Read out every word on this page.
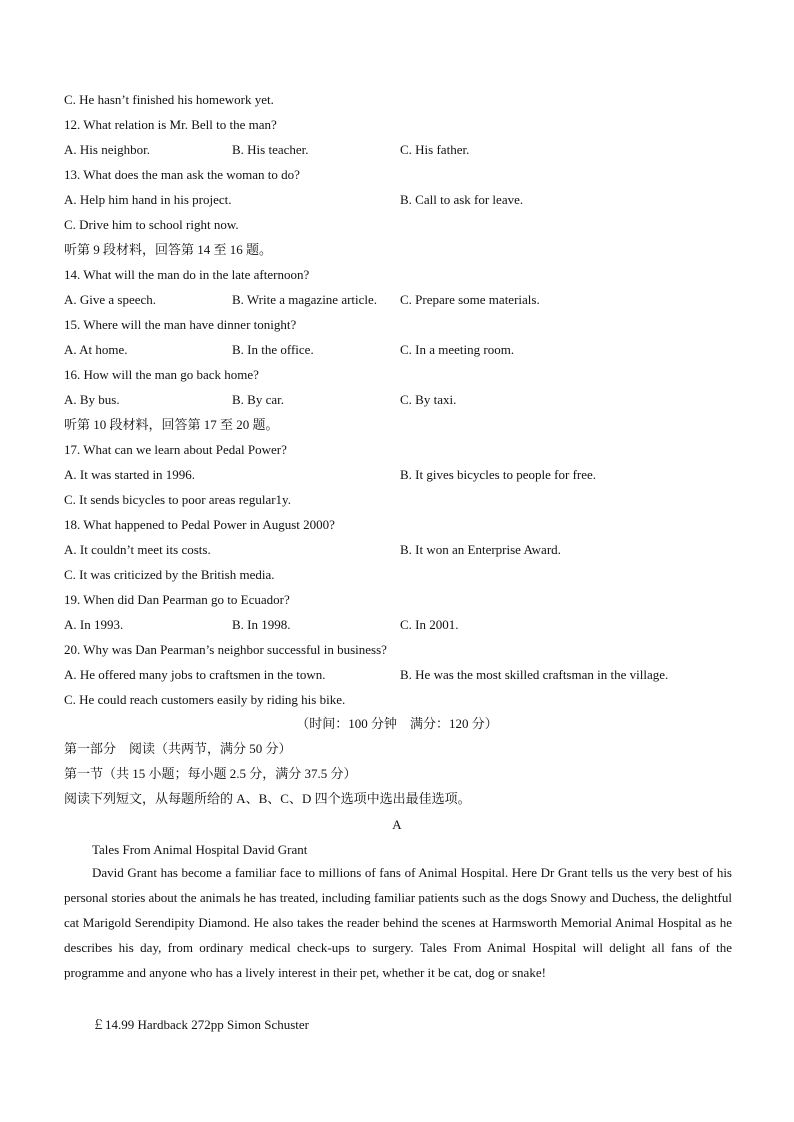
C. He hasn’t finished his homework yet.
12. What relation is Mr. Bell to the man?
A. His neighbor.	B. His teacher.	C. His father.
13. What does the man ask the woman to do?
A. Help him hand in his project.	B. Call to ask for leave.
C. Drive him to school right now.
听第 9 段材料，回答第 14 至 16 题。
14. What will the man do in the late afternoon?
A. Give a speech.	B. Write a magazine article. C. Prepare some materials.
15. Where will the man have dinner tonight?
A. At home.	B. In the office.	C. In a meeting room.
16. How will the man go back home?
A. By bus.	B. By car.	C. By taxi.
听第 10 段材料，回答第 17 至 20 题。
17. What can we learn about Pedal Power?
A. It was started in 1996.	B. It gives bicycles to people for free.
C. It sends bicycles to poor areas regular1y.
18. What happened to Pedal Power in August 2000?
A. It couldn’t meet its costs.	B. It won an Enterprise Award.
C. It was criticized by the British media.
19. When did Dan Pearman go to Ecuador?
A. In 1993.	B. In 1998.	C. In 2001.
20. Why was Dan Pearman’s neighbor successful in business?
A. He offered many jobs to craftsmen in the town.	B. He was the most skilled craftsman in the village.
C. He could reach customers easily by riding his bike.
（时间：100 分钟　满分：120 分）
第一部分　阅读（共两节，满分 50 分）
第一节（共 15 小题；每小题 2.5 分，满分 37.5 分）
阅读下列短文，从每题所给的 A、B、C、D 四个选项中选出最佳选项。
A
Tales From Animal Hospital David Grant
David Grant has become a familiar face to millions of fans of Animal Hospital. Here Dr Grant tells us the very best of his personal stories about the animals he has treated, including familiar patients such as the dogs Snowy and Duchess, the delightful cat Marigold Serendipity Diamond. He also takes the reader behind the scenes at Harmsworth Memorial Animal Hospital as he describes his day, from ordinary medical check-ups to surgery. Tales From Animal Hospital will delight all fans of the programme and anyone who has a lively interest in their pet, whether it be cat, dog or snake!
￡14.99 Hardback 272pp Simon Schuster
